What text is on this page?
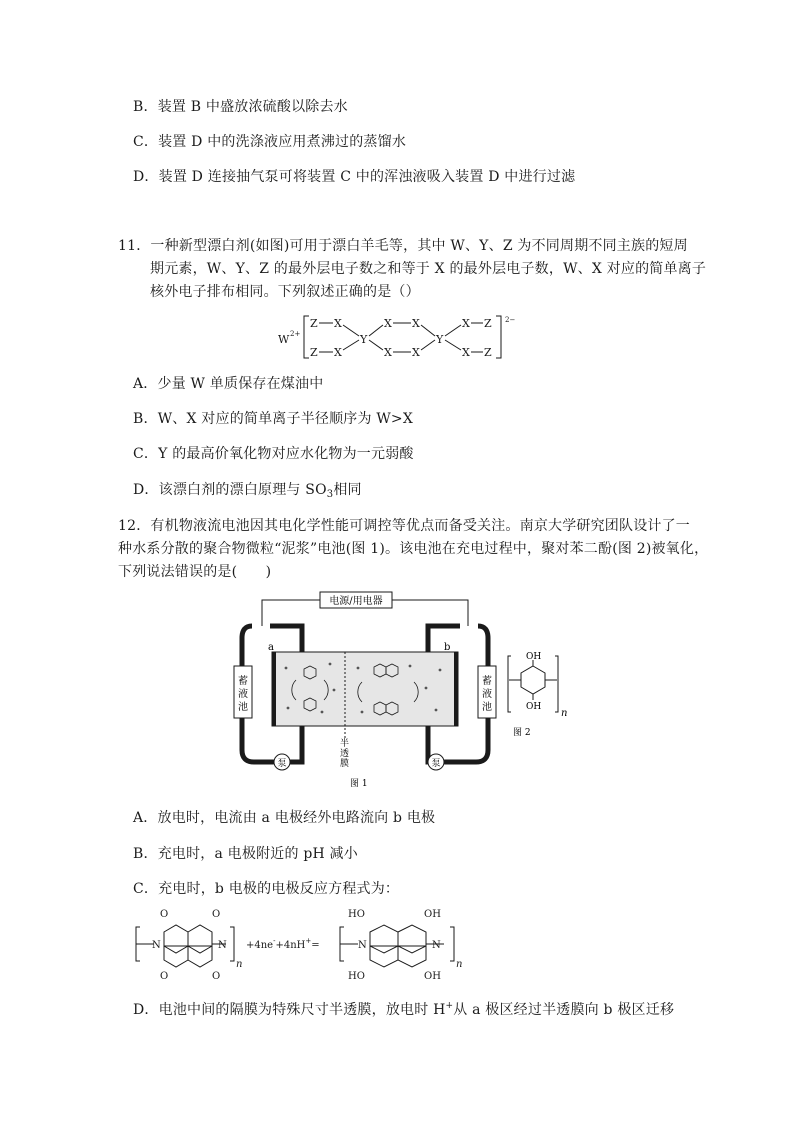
B．装置 B 中盛放浓硫酸以除去水
C．装置 D 中的洗涤液应用煮沸过的蒸馏水
D．装置 D 连接抽气泵可将装置 C 中的浑浊液吸入装置 D 中进行过滤
11．一种新型漂白剂(如图)可用于漂白羊毛等，其中 W、Y、Z 为不同周期不同主族的短周
期元素，W、Y、Z 的最外层电子数之和等于 X 的最外层电子数，W、X 对应的简单离子
核外电子排布相同。下列叙述正确的是（）
W 2+
2−
Z X
Y
X X
Y
X Z
Z X	X X	X Z
A．少量 W 单质保存在煤油中
B．W、X 对应的简单离子半径顺序为 W>X
C．Y 的最高价氧化物对应水化物为一元弱酸
D．该漂白剂的漂白原理与 $SO_3$相同
12．有机物液流电池因其电化学性能可调控等优点而备受关注。南京大学研究团队设计了一
种水系分散的聚合物微粒“泥浆”电池(图 1)。该电池在充电过程中，聚对苯二酚(图 2)被氧化，
下列说法错误的是(　　)
电源/用电器
蓄液池
蓄液池
泵	泵
a	b
半透膜
图 1
OH
OH
n
图 2
A．放电时，电流由 a 电极经外电路流向 b 电极
B．充电时，a 电极附近的 pH 减小
C．充电时，b 电极的电极反应方程式为：
O	O
O	O
N	N
n
+4ne-+4nH+=
HO	OH
HO	OH
N	N
n
D．电池中间的隔膜为特殊尺寸半透膜，放电时 H+从 a 极区经过半透膜向 b 极区迁移
